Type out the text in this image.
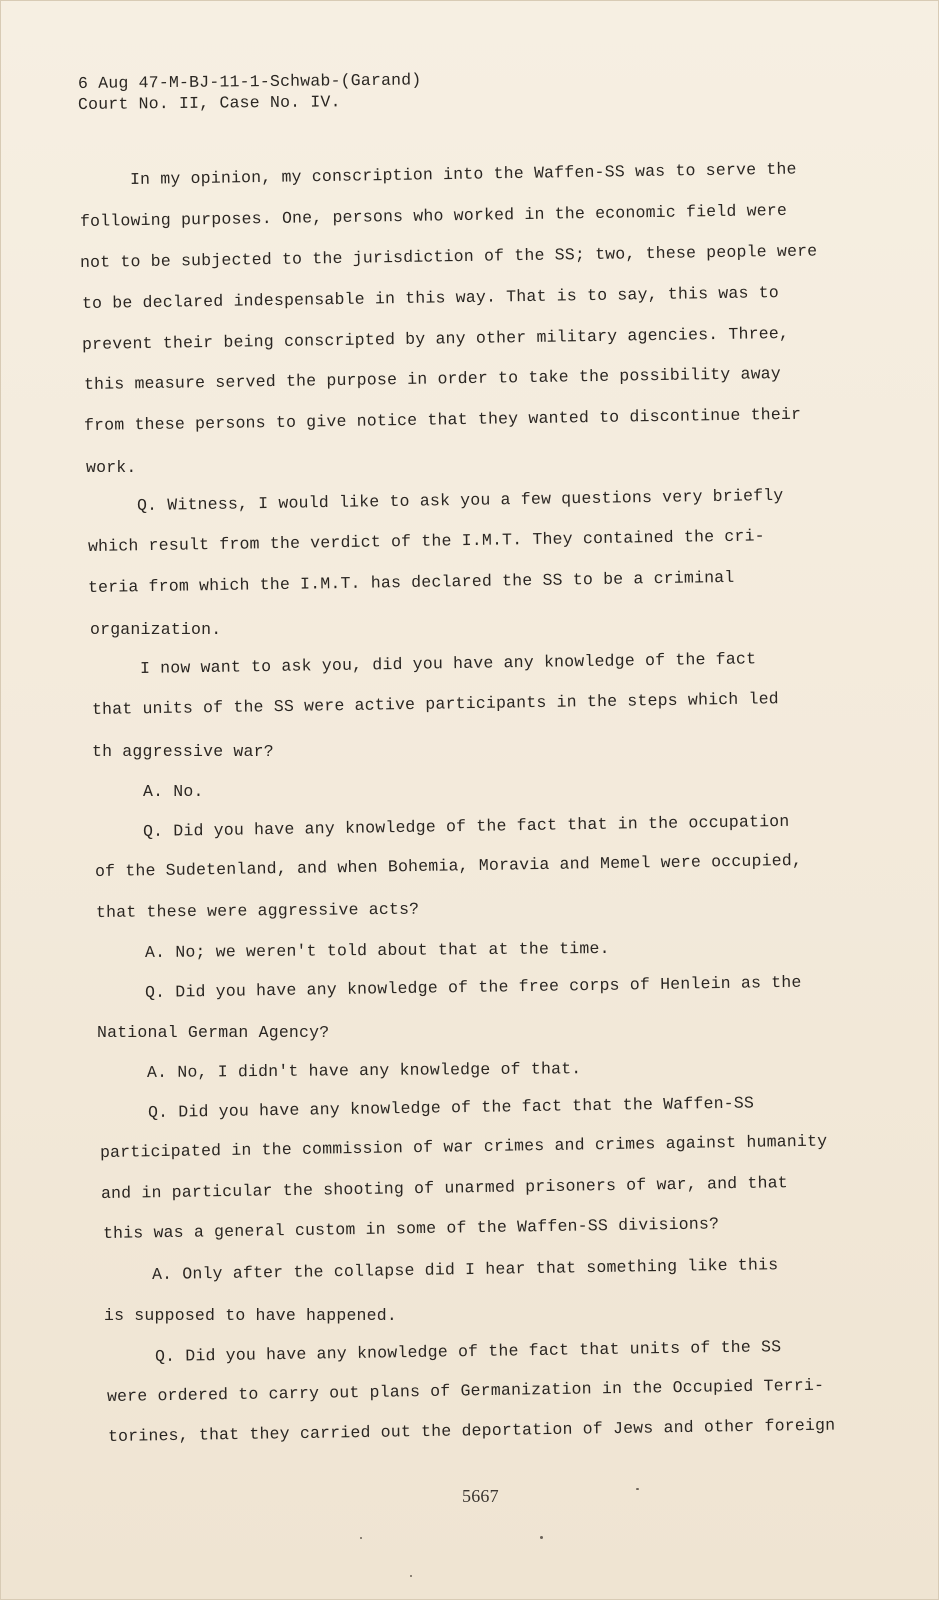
6 Aug 47-M-BJ-11-1-Schwab-(Garand)
Court No. II, Case No. IV.
In my opinion, my conscription into the Waffen-SS was to serve the
following purposes. One, persons who worked in the economic field were
not to be subjected to the jurisdiction of the SS; two, these people were
to be declared indespensable in this way. That is to say, this was to
prevent their being conscripted by any other military agencies. Three,
this measure served the purpose in order to take the possibility away
from these persons to give notice that they wanted to discontinue their
work.
Q. Witness, I would like to ask you a few questions very briefly
which result from the verdict of the I.M.T. They contained the cri-
teria from which the I.M.T. has declared the SS to be a criminal
organization.
I now want to ask you, did you have any knowledge of the fact
that units of the SS were active participants in the steps which led
th aggressive war?
A. No.
Q. Did you have any knowledge of the fact that in the occupation
of the Sudetenland, and when Bohemia, Moravia and Memel were occupied,
that these were aggressive acts?
A. No; we weren't told about that at the time.
Q. Did you have any knowledge of the free corps of Henlein as the
National German Agency?
A. No, I didn't have any knowledge of that.
Q. Did you have any knowledge of the fact that the Waffen-SS
participated in the commission of war crimes and crimes against humanity
and in particular the shooting of unarmed prisoners of war, and that
this was a general custom in some of the Waffen-SS divisions?
A. Only after the collapse did I hear that something like this
is supposed to have happened.
Q. Did you have any knowledge of the fact that units of the SS
were ordered to carry out plans of Germanization in the Occupied Terri-
torines, that they carried out the deportation of Jews and other foreign
5667
